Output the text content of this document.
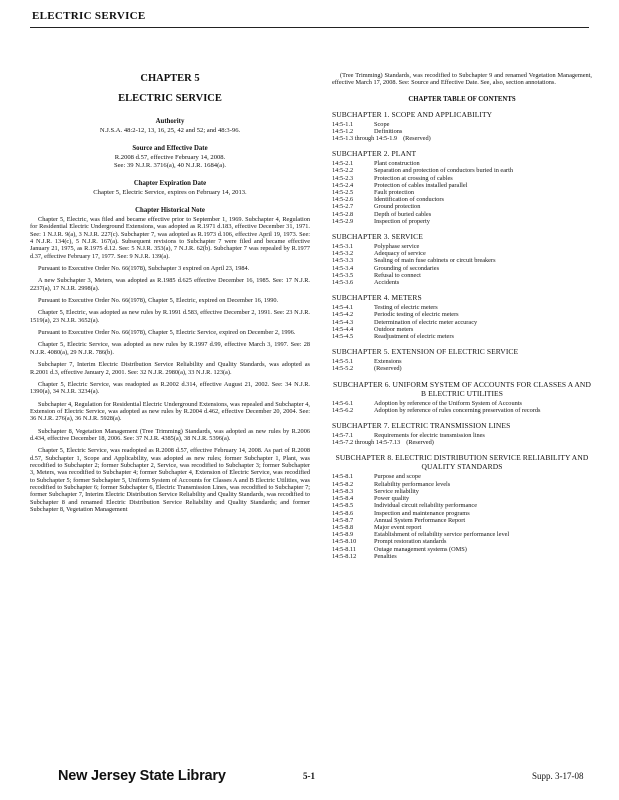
ELECTRIC SERVICE

CHAPTER 5

ELECTRIC SERVICE

Authority

N.J.S.A. 48:2-12, 13, 16, 25, 42 and 52; and 48:3-96.

Source and Effective Date

R.2008 d.57, effective February 14, 2008.

See: 39 N.J.R. 3716(a), 40 N.J.R. 1684(a).

Chapter Expiration Date

Chapter 5, Electric Service, expires on February 14, 2013.

Chapter Historical Note

Chapter 5, Electric, was filed and became effective prior to September 1, 1969. Subchapter 4, Regulation for Residential Electric Underground Extensions, was adopted as R.1971 d.183, effective December 31, 1971. See: 1 N.J.R. 9(a), 3 N.J.R. 227(c). Subchapter 7, was adopted as R.1973 d.106, effective April 19, 1973. See: 4 N.J.R. 134(c), 5 N.J.R. 167(a). Subsequent revisions to Subchapter 7 were filed and became effective January 21, 1975, as R.1975 d.12. See: 5 N.J.R. 353(a), 7 N.J.R. 62(b). Subchapter 7 was repealed by R.1977 d.37, effective February 17, 1977. See: 9 N.J.R. 139(a).

Pursuant to Executive Order No. 66(1978), Subchapter 3 expired on April 23, 1984.

A new Subchapter 3, Meters, was adopted as R.1985 d.625 effective December 16, 1985. See: 17 N.J.R. 2237(a), 17 N.J.R. 2998(a).

Pursuant to Executive Order No. 66(1978), Chapter 5, Electric, expired on December 16, 1990.

Chapter 5, Electric, was adopted as new rules by R.1991 d.583, effective December 2, 1991. See: 23 N.J.R. 1519(a), 23 N.J.R. 3652(a).

Pursuant to Executive Order No. 66(1978), Chapter 5, Electric Service, expired on December 2, 1996.

Chapter 5, Electric Service, was adopted as new rules by R.1997 d.99, effective March 3, 1997. See: 28 N.J.R. 4080(a), 29 N.J.R. 786(b).

Subchapter 7, Interim Electric Distribution Service Reliability and Quality Standards, was adopted as R.2001 d.3, effective January 2, 2001. See: 32 N.J.R. 2980(a), 33 N.J.R. 123(a).

Chapter 5, Electric Service, was readopted as R.2002 d.314, effective August 21, 2002. See: 34 N.J.R. 1390(a), 34 N.J.R. 3234(a).

Subchapter 4, Regulation for Residential Electric Underground Extensions, was repealed and Subchapter 4, Extension of Electric Service, was adopted as new rules by R.2004 d.462, effective December 20, 2004. See: 36 N.J.R. 276(a), 36 N.J.R. 5928(a).

Subchapter 8, Vegetation Management (Tree Trimming) Standards, was adopted as new rules by R.2006 d.434, effective December 18, 2006. See: 37 N.J.R. 4385(a), 38 N.J.R. 5396(a).

Chapter 5, Electric Service, was readopted as R.2008 d.57, effective February 14, 2008. As part of R.2008 d.57, Subchapter 1, Scope and Applicability, was adopted as new rules; former Subchapter 1, Plant, was recodified to Subchapter 2; former Subchapter 2, Service, was recodified to Subchapter 3; former Subchapter 3, Meters, was recodified to Subchapter 4; former Subchapter 4, Extension of Electric Service, was recodified to Subchapter 5; former Subchapter 5, Uniform System of Accounts for Classes A and B Electric Utilities, was recodified to Subchapter 6; former Subchapter 6, Electric Transmission Lines, was recodified to Subchapter 7; former Subchapter 7, Interim Electric Distribution Service Reliability and Quality Standards, was recodified to Subchapter 8 and renamed Electric Distribution Service Reliability and Quality Standards; and former Subchapter 8, Vegetation Management

(Tree Trimming) Standards, was recodified to Subchapter 9 and renamed Vegetation Management, effective March 17, 2008. See: Source and Effective Date. See, also, section annotations.

CHAPTER TABLE OF CONTENTS
SUBCHAPTER 1. SCOPE AND APPLICABILITY
14:5-1.1	Scope
14:5-1.2	Definitions
14:5-1.3 through 14:5-1.9 (Reserved)
SUBCHAPTER 2. PLANT
14:5-2.1	Plant construction
14:5-2.2	Separation and protection of conductors buried in earth
14:5-2.3	Protection at crossing of cables
14:5-2.4	Protection of cables installed parallel
14:5-2.5	Fault protection
14:5-2.6	Identification of conductors
14:5-2.7	Ground protection
14:5-2.8	Depth of buried cables
14:5-2.9	Inspection of property
SUBCHAPTER 3. SERVICE
14:5-3.1	Polyphase service
14:5-3.2	Adequacy of service
14:5-3.3	Sealing of main fuse cabinets or circuit breakers
14:5-3.4	Grounding of secondaries
14:5-3.5	Refusal to connect
14:5-3.6	Accidents
SUBCHAPTER 4. METERS
14:5-4.1	Testing of electric meters
14:5-4.2	Periodic testing of electric meters
14:5-4.3	Determination of electric meter accuracy
14:5-4.4	Outdoor meters
14:5-4.5	Readjustment of electric meters
SUBCHAPTER 5. EXTENSION OF ELECTRIC SERVICE
14:5-5.1	Extensions
14:5-5.2	(Reserved)
SUBCHAPTER 6. UNIFORM SYSTEM OF ACCOUNTS FOR CLASSES A AND B ELECTRIC UTILITIES
14:5-6.1	Adoption by reference of the Uniform System of Accounts
14:5-6.2	Adoption by reference of rules concerning preservation of records
SUBCHAPTER 7. ELECTRIC TRANSMISSION LINES
14:5-7.1	Requirements for electric transmission lines
14:5-7.2 through 14:5-7.13 (Reserved)
SUBCHAPTER 8. ELECTRIC DISTRIBUTION SERVICE RELIABILITY AND QUALITY STANDARDS
14:5-8.1	Purpose and scope
14:5-8.2	Reliability performance levels
14:5-8.3	Service reliability
14:5-8.4	Power quality
14:5-8.5	Individual circuit reliability performance
14:5-8.6	Inspection and maintenance programs
14:5-8.7	Annual System Performance Report
14:5-8.8	Major event report
14:5-8.9	Establishment of reliability service performance level
14:5-8.10	Prompt restoration standards
14:5-8.11	Outage management systems (OMS)
14:5-8.12	Penalties
New Jersey State Library	5-1	Supp. 3-17-08
